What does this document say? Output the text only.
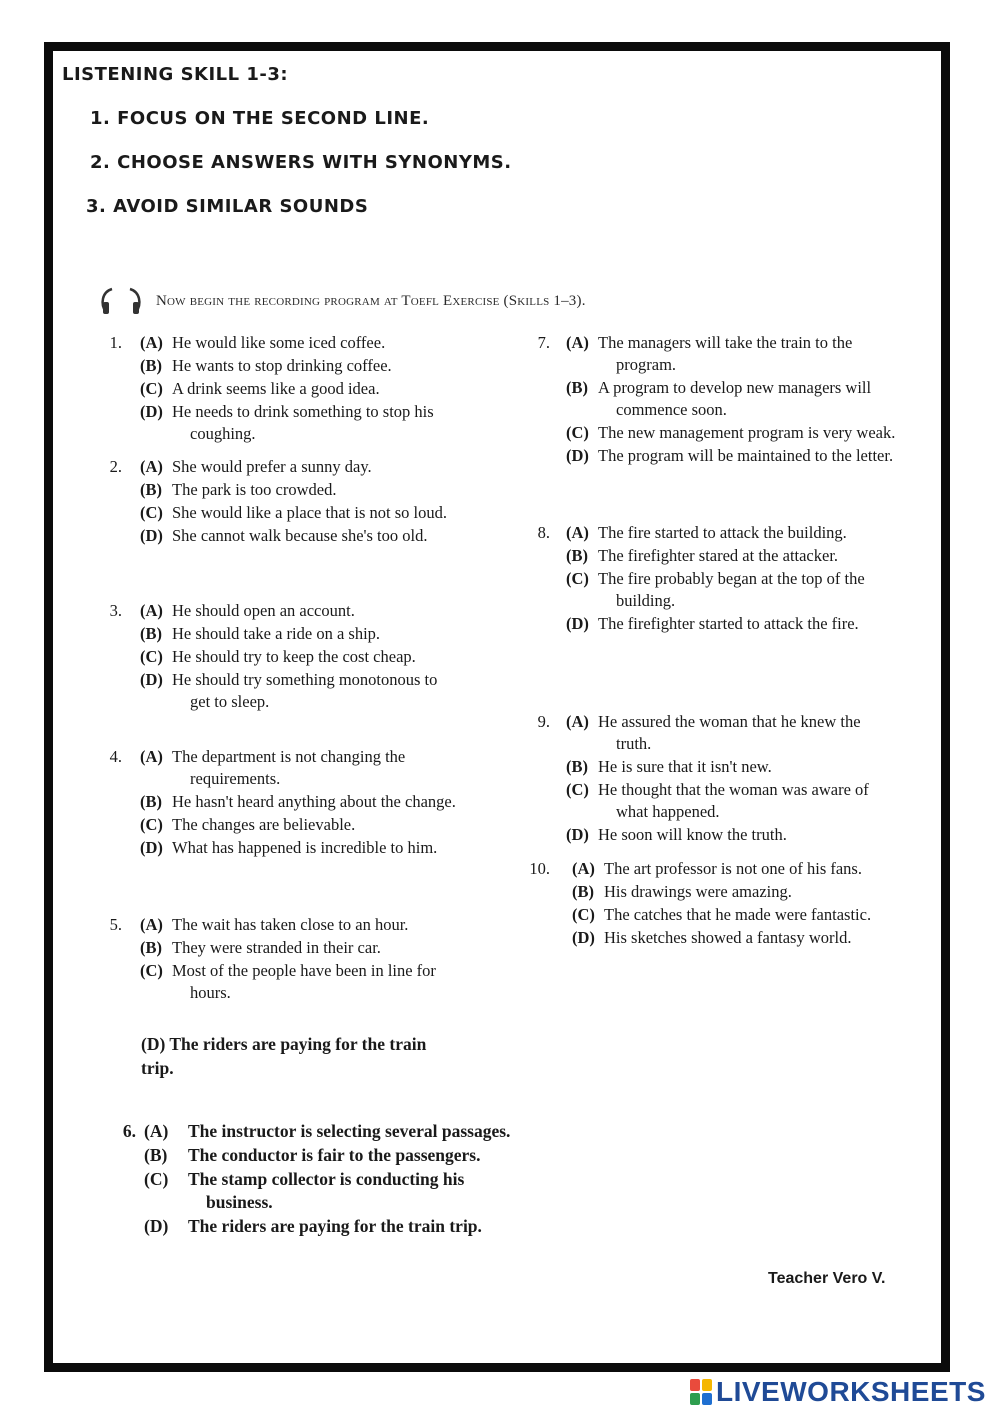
LISTENING SKILL 1-3:
1. FOCUS ON THE SECOND LINE.
2. CHOOSE ANSWERS WITH SYNONYMS.
3. AVOID SIMILAR SOUNDS
Now begin the recording program at Toefl Exercise (Skills 1–3).
1. (A) He would like some iced coffee.
(B) He wants to stop drinking coffee.
(C) A drink seems like a good idea.
(D) He needs to drink something to stop his coughing.
2. (A) She would prefer a sunny day.
(B) The park is too crowded.
(C) She would like a place that is not so loud.
(D) She cannot walk because she's too old.
3. (A) He should open an account.
(B) He should take a ride on a ship.
(C) He should try to keep the cost cheap.
(D) He should try something monotonous to get to sleep.
4. (A) The department is not changing the requirements.
(B) He hasn't heard anything about the change.
(C) The changes are believable.
(D) What has happened is incredible to him.
5. (A) The wait has taken close to an hour.
(B) They were stranded in their car.
(C) Most of the people have been in line for hours.
(D) The riders are paying for the train trip.
6. (A)	The instructor is selecting several passages.
(B)	The conductor is fair to the passengers.
(C)	The stamp collector is conducting his business.
(D)	The riders are paying for the train trip.
7. (A) The managers will take the train to the program.
(B) A program to develop new managers will commence soon.
(C) The new management program is very weak.
(D) The program will be maintained to the letter.
8. (A) The fire started to attack the building.
(B) The firefighter stared at the attacker.
(C) The fire probably began at the top of the building.
(D) The firefighter started to attack the fire.
9. (A) He assured the woman that he knew the truth.
(B) He is sure that it isn't new.
(C) He thought that the woman was aware of what happened.
(D) He soon will know the truth.
10. (A) The art professor is not one of his fans.
(B) His drawings were amazing.
(C) The catches that he made were fantastic.
(D) His sketches showed a fantasy world.
Teacher Vero V.
LIVEWORKSHEETS
